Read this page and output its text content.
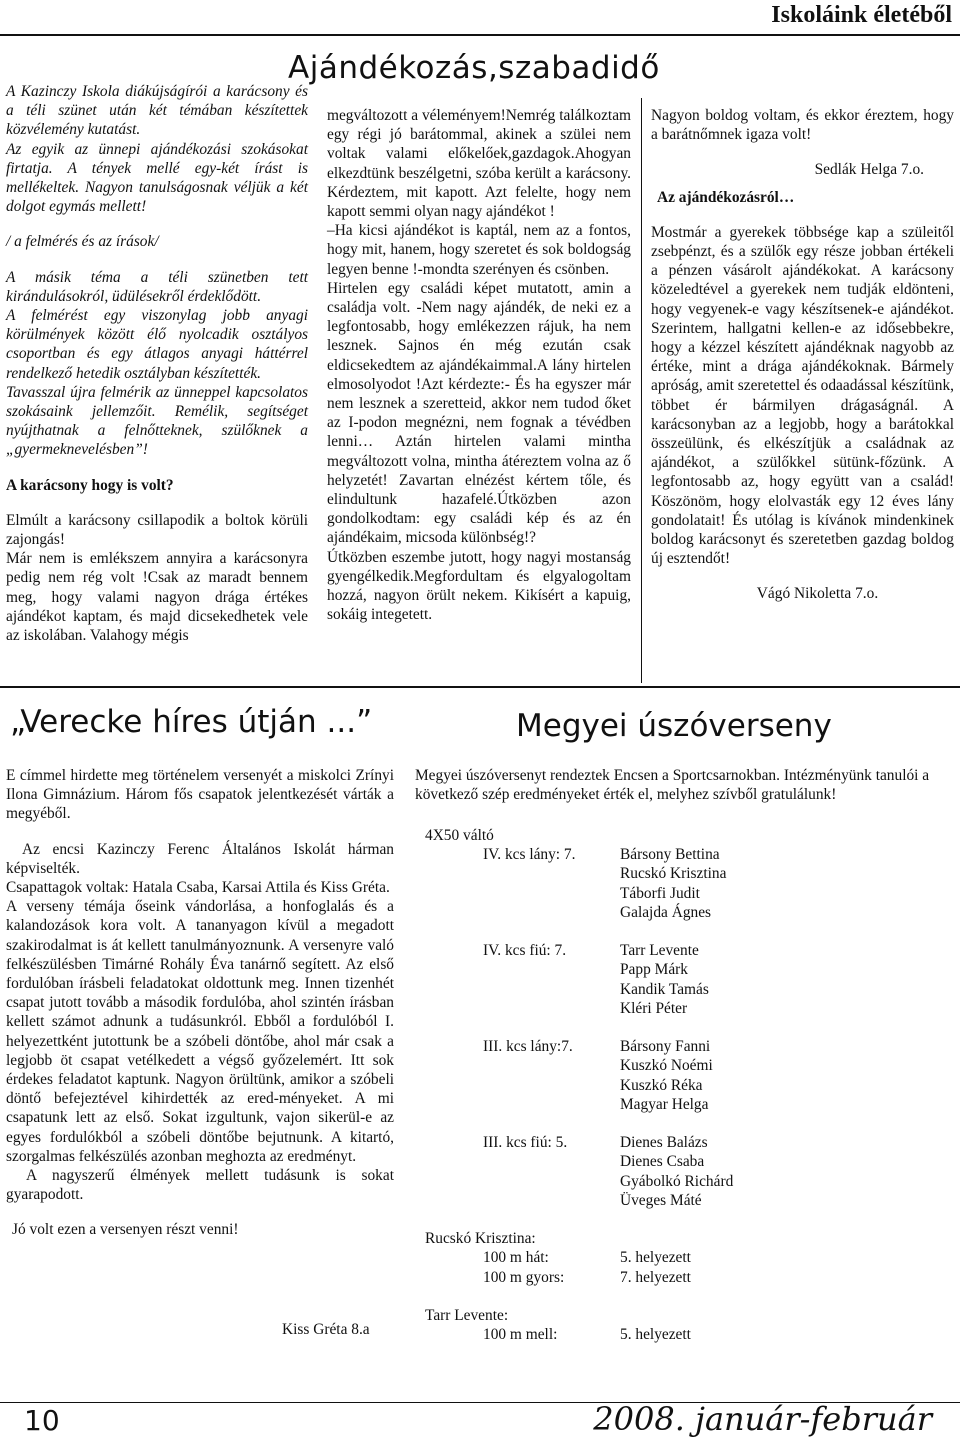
Iskoláink életéből
Ajándékozás,szabadidő

A Kazinczy Iskola diákújságírói a karácsony és a téli szünet után két témában készítettek közvélemény kutatást.

Az egyik az ünnepi ajándékozási szokásokat firtatja. A tények mellé egy-két írást is mellékeltek. Nagyon tanulságosnak véljük a két dolgot egymás mellett!

/ a felmérés és az írások/

A másik téma a téli szünetben tett kirándulásokról, üdülésekről érdeklődött.

A felmérést egy viszonylag jobb anyagi körülmények között élő nyolcadik osztályos csoportban és egy átlagos anyagi háttérrel rendelkező hetedik osztályban készítették.

Tavasszal újra felmérik az ünneppel kapcsolatos szokásaink jellemzőit. Remélik, segítséget nyújthatnak a felnőtteknek, szülőknek a „gyermeknevelésben”!

A karácsony hogy is volt?

Elmúlt a karácsony csillapodik a boltok körüli zajongás!

Már nem is emlékszem annyira a karácsonyra pedig nem rég volt !Csak az maradt bennem meg, hogy valami nagyon drága értékes ajándékot kaptam, és majd dicsekedhetek vele az iskolában. Valahogy mégis

megváltozott a véleményem!Nemrég találkoztam egy régi jó barátommal, akinek a szülei nem voltak valami előkelőek,gazdagok.Ahogyan elkezdtünk beszélgetni, szóba került a karácsony. Kérdeztem, mit kapott. Azt felelte, hogy nem kapott semmi olyan nagy ajándékot !

–Ha kicsi ajándékot is kaptál, nem az a fontos, hogy mit, hanem, hogy szeretet és sok boldogság legyen benne !-mondta szerényen és csönben.

Hirtelen egy családi képet mutatott, amin a családja volt. -Nem nagy ajándék, de neki ez a legfontosabb, hogy emlékezzen rájuk, ha nem lesznek. Sajnos én még ezután csak eldicsekedtem az ajándékaimmal.A lány hirtelen elmosolyodot !Azt kérdezte:- És ha egyszer már nem lesznek a szeretteid, akkor nem tudod őket az I-podon megnézni, nem fognak a tévédben lenni… Aztán hirtelen valami mintha megváltozott volna, mintha átéreztem volna az ő helyzetét! Zavartan elnézést kértem tőle, és elindultunk hazafelé.Útközben azon gondolkodtam: egy családi kép és az én ajándékaim, micsoda különbség!?

Útközben eszembe jutott, hogy nagyi mostanság gyengélkedik.Megfordultam és elgyalogoltam hozzá, nagyon örült nekem. Kikísért a kapuig, sokáig integetett.

Nagyon boldog voltam, és ekkor éreztem, hogy a barátnőmnek igaza volt!

Sedlák Helga 7.o.

Az ajándékozásról…

Mostmár a gyerekek többsége kap a szüleitől zsebpénzt, és a szülők egy része jobban értékeli a pénzen vásárolt ajándékokat. A karácsony közeledtével a gyerekek nem tudják eldönteni, hogy vegyenek-e vagy készítsenek-e ajándékot. Szerintem, hallgatni kellen-e az idősebbekre, hogy a kézzel készített ajándéknak nagyobb az értéke, mint a drága ajándékoknak. Bármely apróság, amit szeretettel és odaadással készítünk, többet ér bármilyen drágaságnál. A karácsonyban az a legjobb, hogy a barátokkal összeülünk, és elkészítjük a családnak az ajándékot, a szülőkkel sütünk-főzünk. A legfontosabb az, hogy együtt van a család! Köszönöm, hogy elolvasták egy 12 éves lány gondolatait! És utólag is kívánok mindenkinek boldog karácsonyt és szeretetben gazdag boldog új esztendőt!

Vágó Nikoletta 7.o.

„Verecke híres útján ...”

E címmel hirdette meg történelem versenyét a miskolci Zrínyi Ilona Gimnázium. Három fős csapatok jelentkezését várták a megyéből.

Az encsi Kazinczy Ferenc Általános Iskolát hárman képviselték.

Csapattagok voltak: Hatala Csaba, Karsai Attila és Kiss Gréta.

A verseny témája őseink vándorlása, a honfoglalás és a kalandozások kora volt. A tananyagon kívül a megadott szakirodalmat is át kellett tanulmányoznunk. A versenyre való felkészülésben Timárné Rohály Éva tanárnő segített. Az első fordulóban írásbeli feladatokat oldottunk meg. Innen tizenhét csapat jutott tovább a második fordulóba, ahol szintén írásban kellett számot adnunk a tudásunkról. Ebből a fordulóból I. helyezettként jutottunk be a szóbeli döntőbe, ahol már csak a legjobb öt csapat vetélkedett a végső győzelemért. Itt sok érdekes feladatot kaptunk. Nagyon örültünk, amikor a szóbeli döntő befejeztével kihirdették az ered-ményeket. A mi csapatunk lett az első. Sokat izgultunk, vajon sikerül-e az egyes fordulókból a szóbeli döntőbe bejutnunk. A kitartó, szorgalmas felkészülés azonban meghozta az eredményt.

A nagyszerű élmények mellett tudásunk is sokat gyarapodott.

Jó volt ezen a versenyen részt venni!

Kiss Gréta 8.a
Megyei úszóverseny
Megyei úszóversenyt rendeztek Encsen a Sportcsarnokban. Intézményünk tanulói a következő szép eredményeket érték el, melyhez szívből gratulálunk!
4X50 váltó		
	IV. kcs lány: 7.	Bársony Bettina
		Rucskó Krisztina
		Táborfi Judit
		Galajda Ágnes

	IV. kcs fiú: 7.	Tarr Levente
		Papp Márk
		Kandik Tamás
		Kléri Péter

	III. kcs lány:7.	Bársony Fanni
		Kuszkó Noémi
		Kuszkó Réka
		Magyar Helga

	III. kcs fiú: 5.	Dienes Balázs
		Dienes Csaba
		Gyábolkó Richárd
		Üveges Máté

Rucskó Krisztina:		
	100 m hát:	5. helyezett
	100 m gyors:	7. helyezett

Tarr Levente:		
	100 m mell:	5. helyezett

10	2008. január-február
